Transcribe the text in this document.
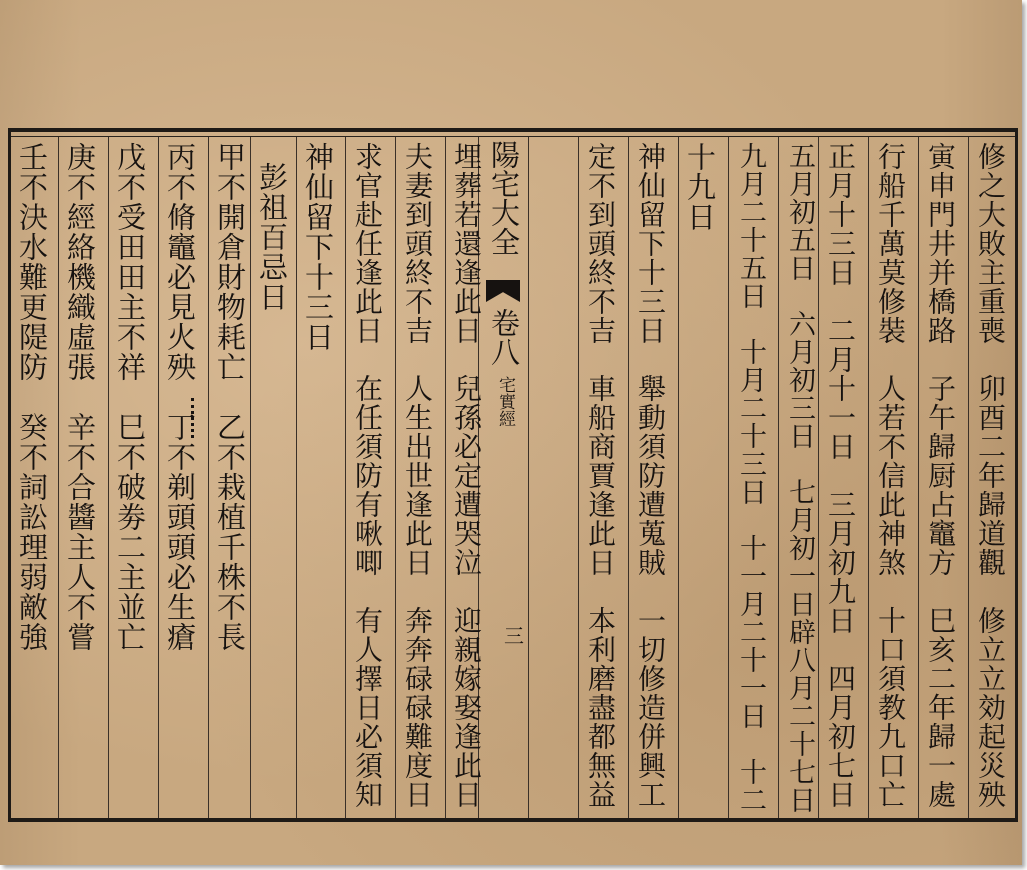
修之大敗主重喪　卯酉二年歸道觀　修立立効起災殃
寅申門井并橋路　子午歸厨占竈方　巳亥二年歸一處
行船千萬莫修裝　人若不信此神煞　十口須教九口亡
正月十三日　二月十一日　三月初九日　四月初七日
五月初五日　六月初三日　七月初一日辟八月二十七日
九月二十五日　十月二十三日　十一月二十一日　十二
十九日
神仙留下十三日　舉動須防遭蒐賊　一切修造併興工
定不到頭終不吉　車船商賈逢此日　本利磨盡都無益
陽宅大全
卷八
宅實經
三
埋葬若還逢此日　兒孫必定遭哭泣　迎親嫁娶逢此日
夫妻到頭終不吉　人生出世逢此日　奔奔碌碌難度日
求官赴任逢此日　在任須防有啾唧　有人擇日必須知
神仙留下十三日
彭祖百忌日
甲不開倉財物耗亡　乙不栽植千株不長
丙不脩竈必見火殃　丁不剃頭頭必生瘡
戊不受田田主不祥　巳不破劵二主並亡
庚不經絡機織虛張　辛不合醬主人不嘗
壬不決水難更隄防　癸不詞訟理弱敵強
